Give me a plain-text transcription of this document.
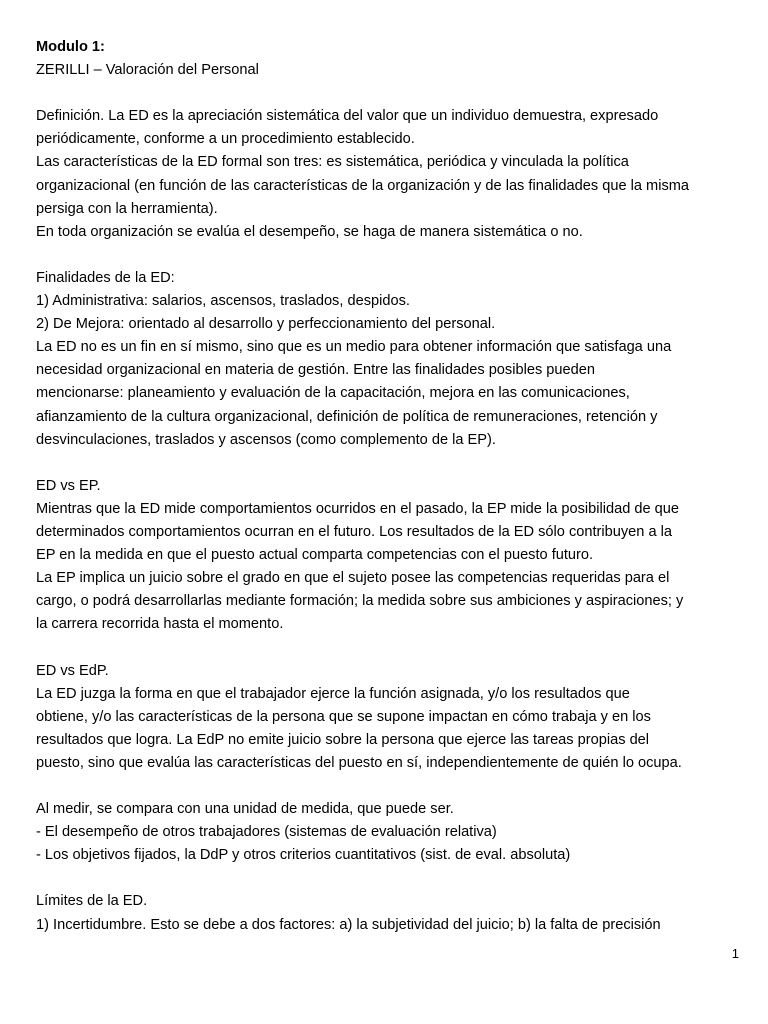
Modulo 1:
ZERILLI – Valoración del Personal
Definición. La ED es la apreciación sistemática del valor que un individuo demuestra, expresado
periódicamente, conforme a un procedimiento establecido.
Las características de la ED formal son tres: es sistemática, periódica y vinculada la política
organizacional (en función de las características de la organización y de las finalidades que la misma
persiga con la herramienta).
En toda organización se evalúa el desempeño, se haga de manera sistemática o no.
Finalidades de la ED:
1) Administrativa: salarios, ascensos, traslados, despidos.
2) De Mejora: orientado al desarrollo y perfeccionamiento del personal.
La ED no es un fin en sí mismo, sino que es un medio para obtener información que satisfaga una
necesidad organizacional en materia de gestión. Entre las finalidades posibles pueden
mencionarse: planeamiento y evaluación de la capacitación, mejora en las comunicaciones,
afianzamiento de la cultura organizacional, definición de política de remuneraciones, retención y
desvinculaciones, traslados y ascensos (como complemento de la EP).
ED vs EP.
Mientras que la ED mide comportamientos ocurridos en el pasado, la EP mide la posibilidad de que
determinados comportamientos ocurran en el futuro. Los resultados de la ED sólo contribuyen a la
EP en la medida en que el puesto actual comparta competencias con el puesto futuro.
La EP implica un juicio sobre el grado en que el sujeto posee las competencias requeridas para el
cargo, o podrá desarrollarlas mediante formación; la medida sobre sus ambiciones y aspiraciones; y
la carrera recorrida hasta el momento.
ED vs EdP.
La ED juzga la forma en que el trabajador ejerce la función asignada, y/o los resultados que
obtiene, y/o las características de la persona que se supone impactan en cómo trabaja y en los
resultados que logra. La EdP no emite juicio sobre la persona que ejerce las tareas propias del
puesto, sino que evalúa las características del puesto en sí, independientemente de quién lo ocupa.
Al medir, se compara con una unidad de medida, que puede ser.
- El desempeño de otros trabajadores (sistemas de evaluación relativa)
- Los objetivos fijados, la DdP y otros criterios cuantitativos (sist. de eval. absoluta)
Límites de la ED.
1) Incertidumbre. Esto se debe a dos factores: a) la subjetividad del juicio; b) la falta de precisión
1
